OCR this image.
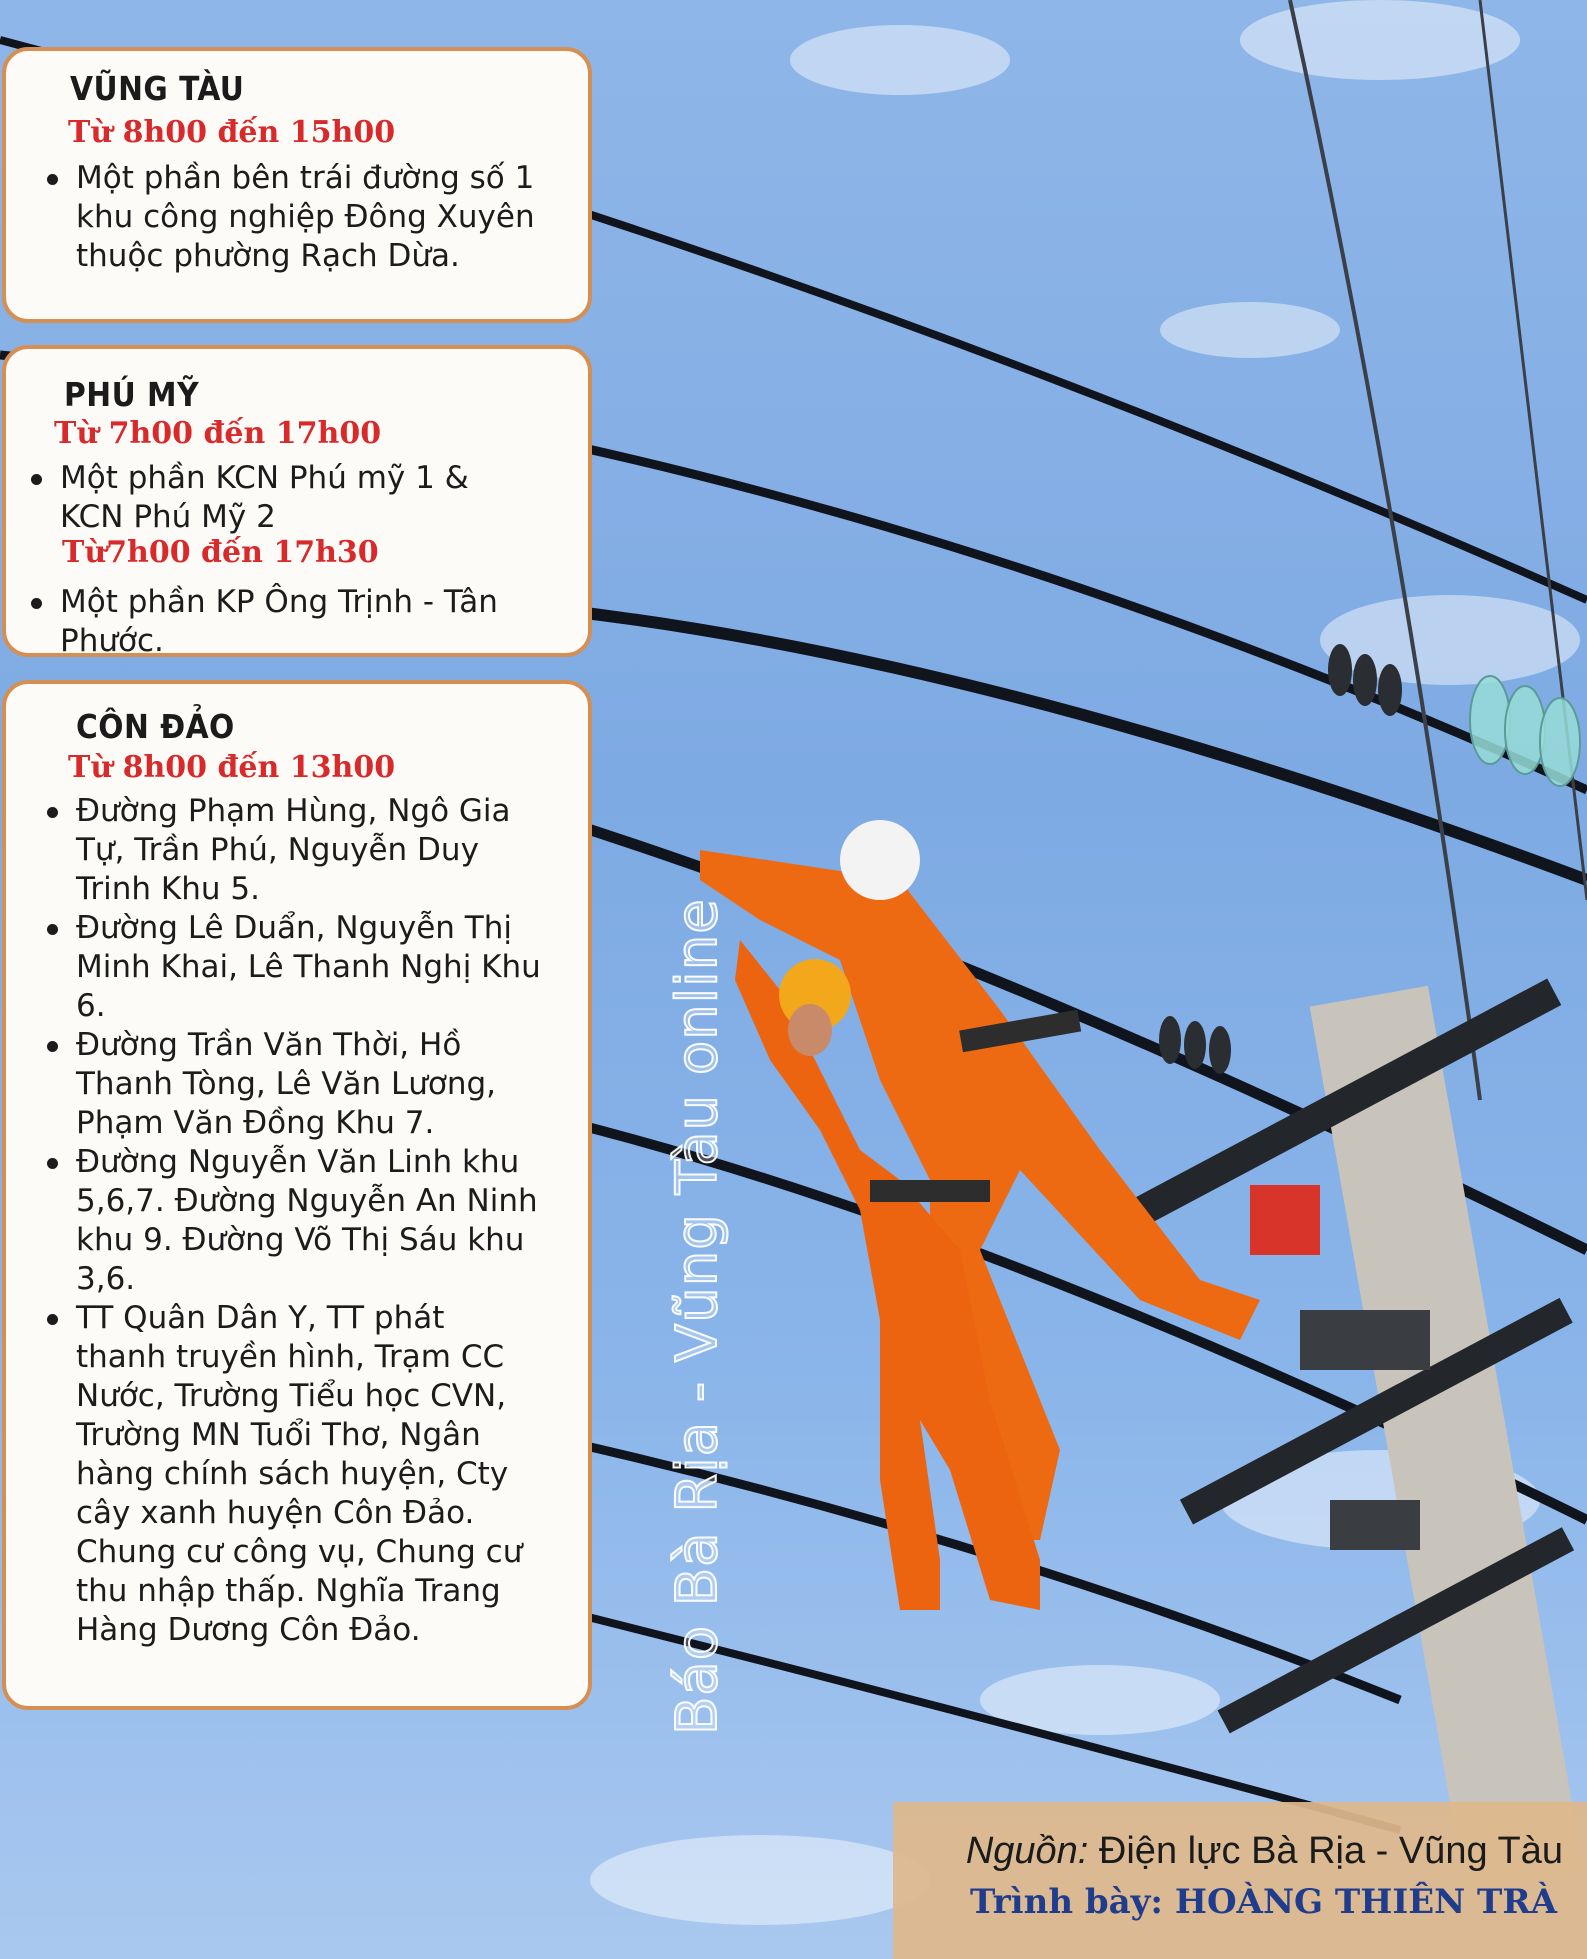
VŨNG TÀU
Từ 8h00 đến 15h00
Một phần bên trái đường số 1 khu công nghiệp Đông Xuyên thuộc phường Rạch Dừa.
PHÚ MỸ
Từ 7h00 đến 17h00
Một phần KCN Phú mỹ 1 & KCN Phú Mỹ 2
Từ7h00 đến 17h30
Một phần KP Ông Trịnh - Tân Phước.
CÔN ĐẢO
Từ 8h00 đến 13h00
Đường Phạm Hùng, Ngô Gia Tự, Trần Phú, Nguyễn Duy Trinh Khu 5.
Đường Lê Duẩn, Nguyễn Thị Minh Khai, Lê Thanh Nghị Khu 6.
Đường Trần Văn Thời, Hồ Thanh Tòng, Lê Văn Lương, Phạm Văn Đồng Khu 7.
Đường Nguyễn Văn Linh khu 5,6,7. Đường Nguyễn An Ninh khu 9. Đường Võ Thị Sáu khu 3,6.
TT Quân Dân Y, TT phát thanh truyền hình, Trạm CC Nước, Trường Tiểu học CVN, Trường MN Tuổi Thơ, Ngân hàng chính sách huyện, Cty cây xanh huyện Côn Đảo. Chung cư công vụ, Chung cư thu nhập thấp. Nghĩa Trang Hàng Dương Côn Đảo.	Báo Bà Rịa - Vũng Tàu online
Nguồn: Điện lực Bà Rịa - Vũng Tàu
Trình bày: HOÀNG THIÊN TRÀ
